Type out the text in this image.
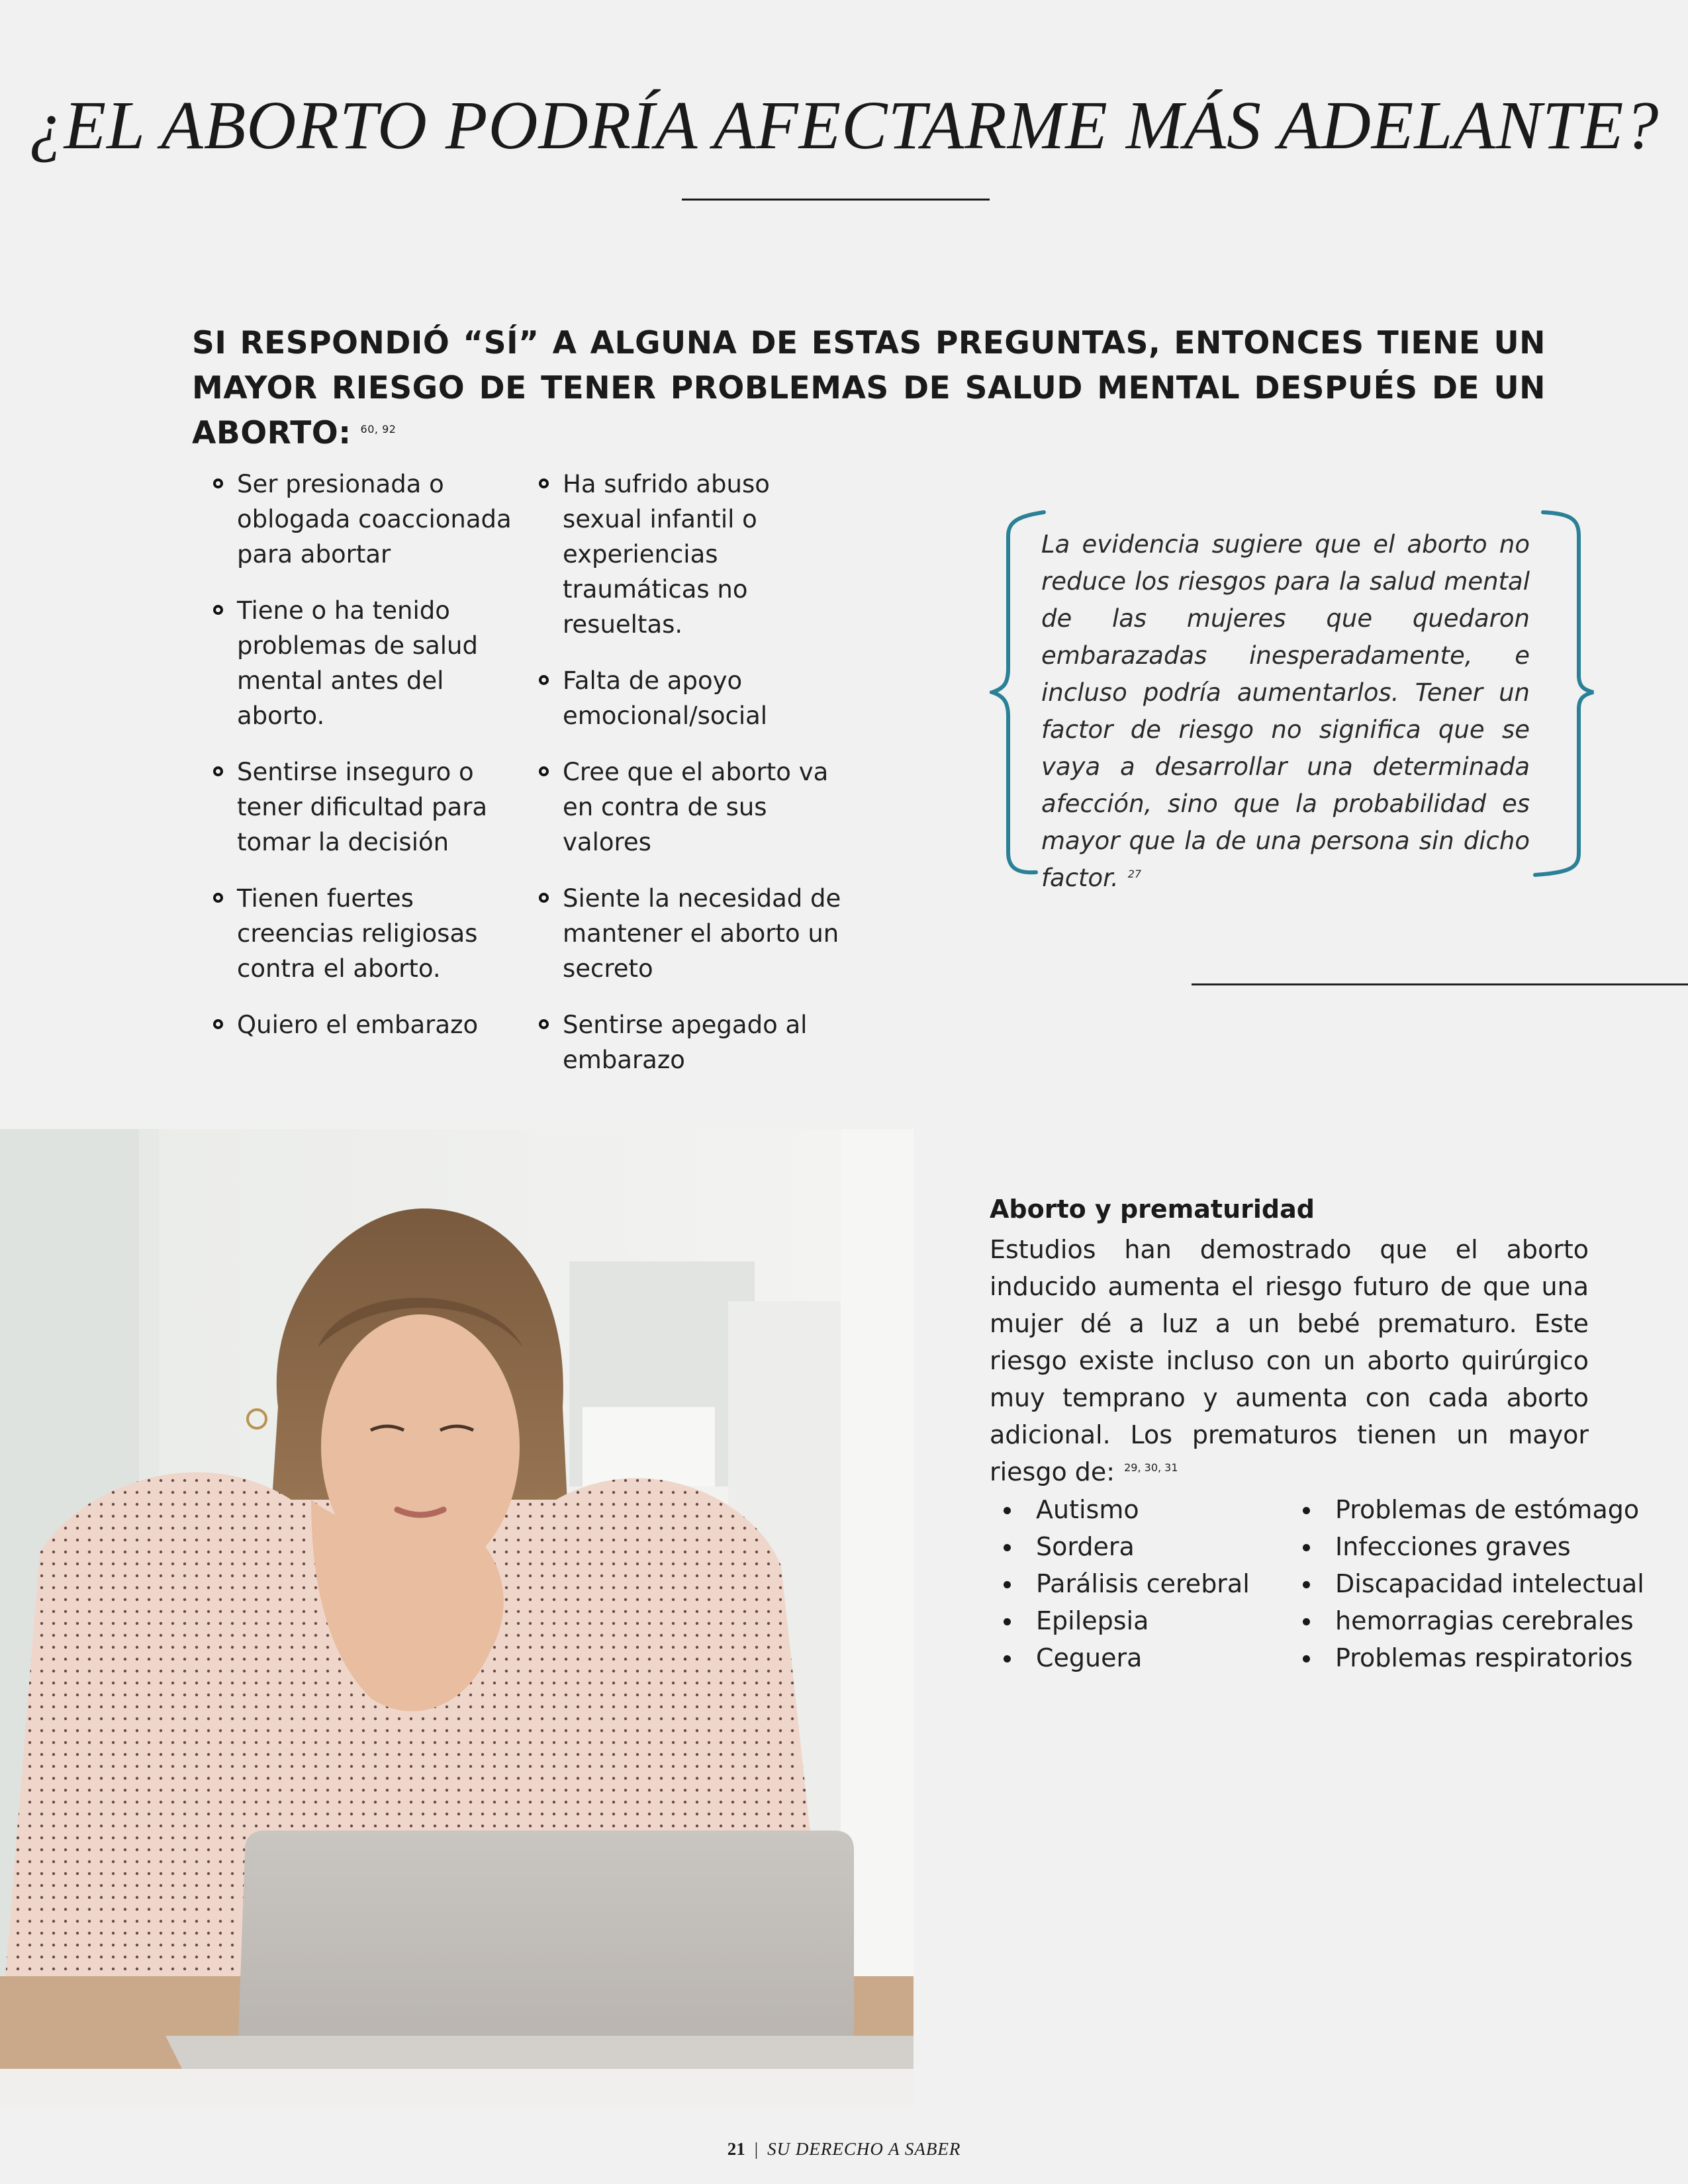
¿EL ABORTO PODRÍA AFECTARME MÁS ADELANTE?

SI RESPONDIÓ “SÍ” A ALGUNA DE ESTAS PREGUNTAS, ENTONCES TIENE UN MAYOR RIESGO DE TENER PROBLEMAS DE SALUD MENTAL DESPUÉS DE UN ABORTO: $^{60, 92}$

Ser presionada o oblogada coaccionada para abortar
Tiene o ha tenido problemas de salud mental antes del aborto.
Sentirse inseguro o tener dificultad para tomar la decisión
Tienen fuertes creencias religiosas contra el aborto.
Quiero el embarazo
Ha sufrido abuso sexual infantil o experiencias traumáticas no resueltas.
Falta de apoyo emocional/social
Cree que el aborto va en contra de sus valores
Siente la necesidad de mantener el aborto un secreto
Sentirse apegado al embarazo

La evidencia sugiere que el aborto no reduce los riesgos para la salud mental de las mujeres que quedaron embarazadas inesperadamente, e incluso podría aumentarlos. Tener un factor de riesgo no significa que se vaya a desarrollar una determinada afección, sino que la probabilidad es mayor que la de una persona sin dicho factor. $^{27}$

Aborto y prematuridad

Estudios han demostrado que el aborto inducido aumenta el riesgo futuro de que una mujer dé a luz a un bebé prematuro. Este riesgo existe incluso con un aborto quirúrgico muy temprano y aumenta con cada aborto adicional. Los prematuros tienen un mayor riesgo de: $^{29, 30, 31}$

Autismo
Sordera
Parálisis cerebral
Epilepsia
Ceguera
Problemas de estómago
Infecciones graves
Discapacidad intelectual
hemorragias cerebrales
Problemas respiratorios
21 | SU DERECHO A SABER
